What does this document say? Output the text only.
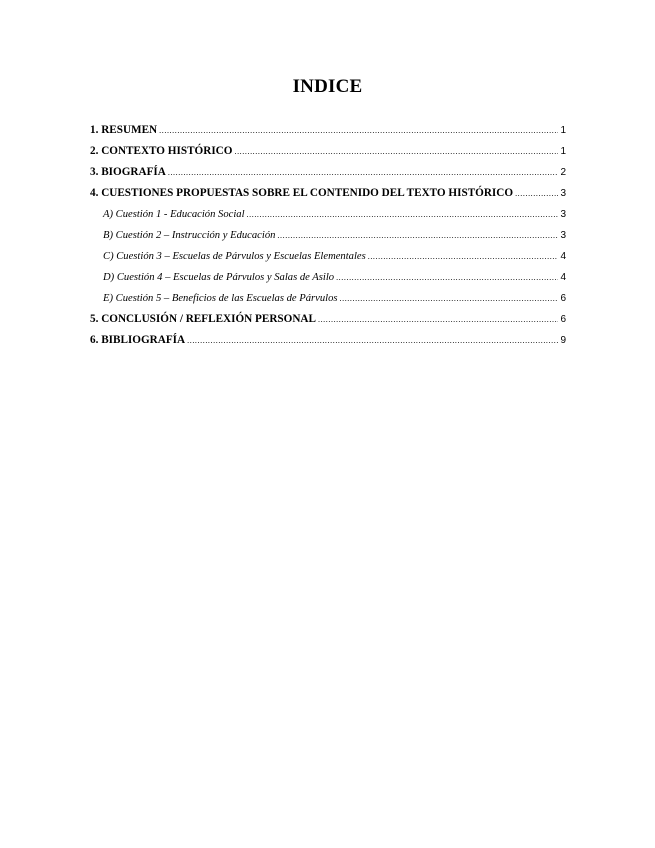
INDICE
1. RESUMEN .....	1
2. CONTEXTO HISTÓRICO .....	1
3. BIOGRAFÍA .....	2
4. CUESTIONES PROPUESTAS SOBRE EL CONTENIDO DEL TEXTO HISTÓRICO .....	3
A) Cuestión 1 - Educación Social .....	3
B) Cuestión 2 – Instrucción y Educación .....	3
C) Cuestión 3 – Escuelas de Párvulos y Escuelas Elementales .....	4
D) Cuestión 4 – Escuelas de Párvulos y Salas de Asilo .....	4
E) Cuestión 5 – Beneficios de las Escuelas de Párvulos .....	6
5. CONCLUSIÓN / REFLEXIÓN PERSONAL .....	6
6. BIBLIOGRAFÍA .....	9
